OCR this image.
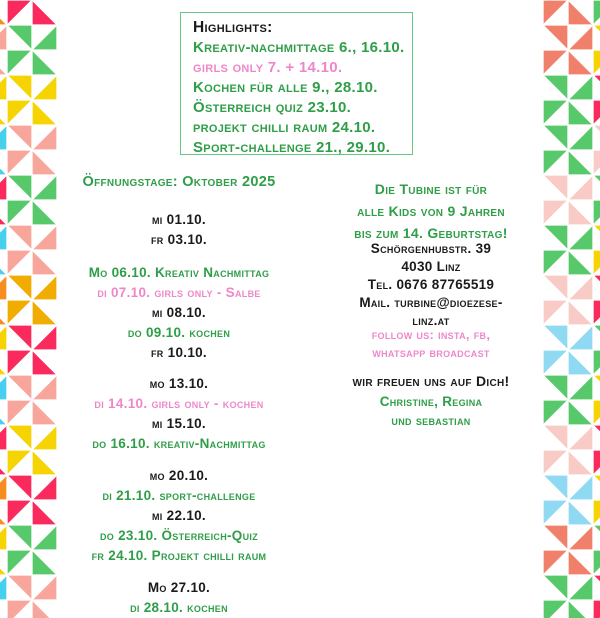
Highlights:
Kreativ-nachmittage 6., 16.10.
girls only 7. + 14.10.
Kochen für alle 9., 28.10.
Österreich quiz 23.10.
projekt chilli raum 24.10.
Sport-challenge 21., 29.10.
Öffnungstage: Oktober 2025
mi 01.10.
fr 03.10.
Mo 06.10. Kreativ Nachmittag
di 07.10. girls only - Salbe
mi 08.10.
do 09.10. kochen
fr 10.10.
mo 13.10.
di 14.10. girls only - kochen
mi 15.10.
do 16.10. kreativ-Nachmittag
mo 20.10.
di 21.10. sport-challenge
mi 22.10.
do 23.10. Österreich-Quiz
fr 24.10. Projekt chilli raum
Mo 27.10.
di 28.10. kochen
Die Tubine ist für
alle Kids von 9 Jahren
bis zum 14. Geburtstag!
Schörgenhubstr. 39
4030 Linz
Tel. 0676 87765519
Mail. turbine@dioezese-
linz.at
follow us: insta, fb,
whatsapp broadcast
wir freuen uns auf Dich!
Christine, Regina
und sebastian
